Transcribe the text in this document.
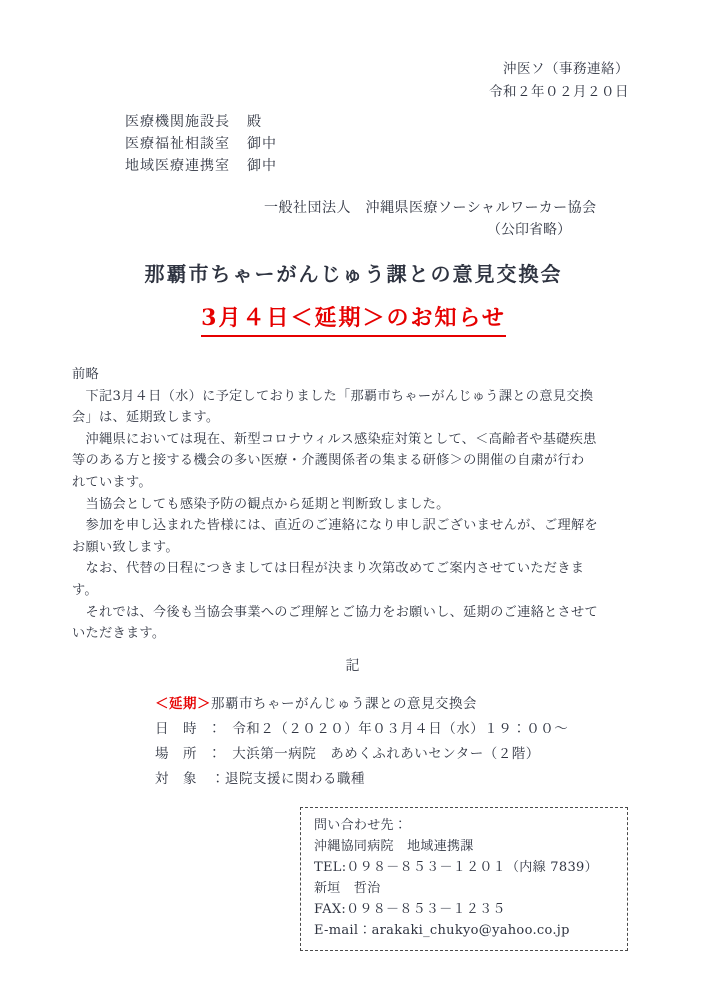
沖医ソ（事務連絡）
令和２年０２月２０日
医療機関施設長	殿
医療福祉相談室	御中
地域医療連携室	御中
一般社団法人　沖縄県医療ソーシャルワーカー協会
（公印省略）
那覇市ちゃーがんじゅう課との意見交換会
3月４日＜延期＞のお知らせ
前略
　下記3月４日（水）に予定しておりました「那覇市ちゃーがんじゅう課との意見交換
会」は、延期致します。
　沖縄県においては現在、新型コロナウィルス感染症対策として、＜高齢者や基礎疾患
等のある方と接する機会の多い医療・介護関係者の集まる研修＞の開催の自粛が行わ
れています。
　当協会としても感染予防の観点から延期と判断致しました。
　参加を申し込まれた皆様には、直近のご連絡になり申し訳ございませんが、ご理解を
お願い致します。
　なお、代替の日程につきましては日程が決まり次第改めてご案内させていただきま
す。
　それでは、今後も当協会事業へのご理解とご協力をお願いし、延期のご連絡とさせて
いただきます。
記
＜延期＞那覇市ちゃーがんじゅう課との意見交換会
日　時　：　令和２（２０２０）年０３月４日（水）１９：００～
場　所　：　大浜第一病院　あめくふれあいセンター（２階）
対　象　：退院支援に関わる職種
問い合わせ先：
沖縄協同病院　地域連携課
TEL:０９８－８５３－１２０１（内線 7839）　新垣　哲治
FAX:０９８－８５３－１２３５
E-mail：arakaki_chukyo@yahoo.co.jp
